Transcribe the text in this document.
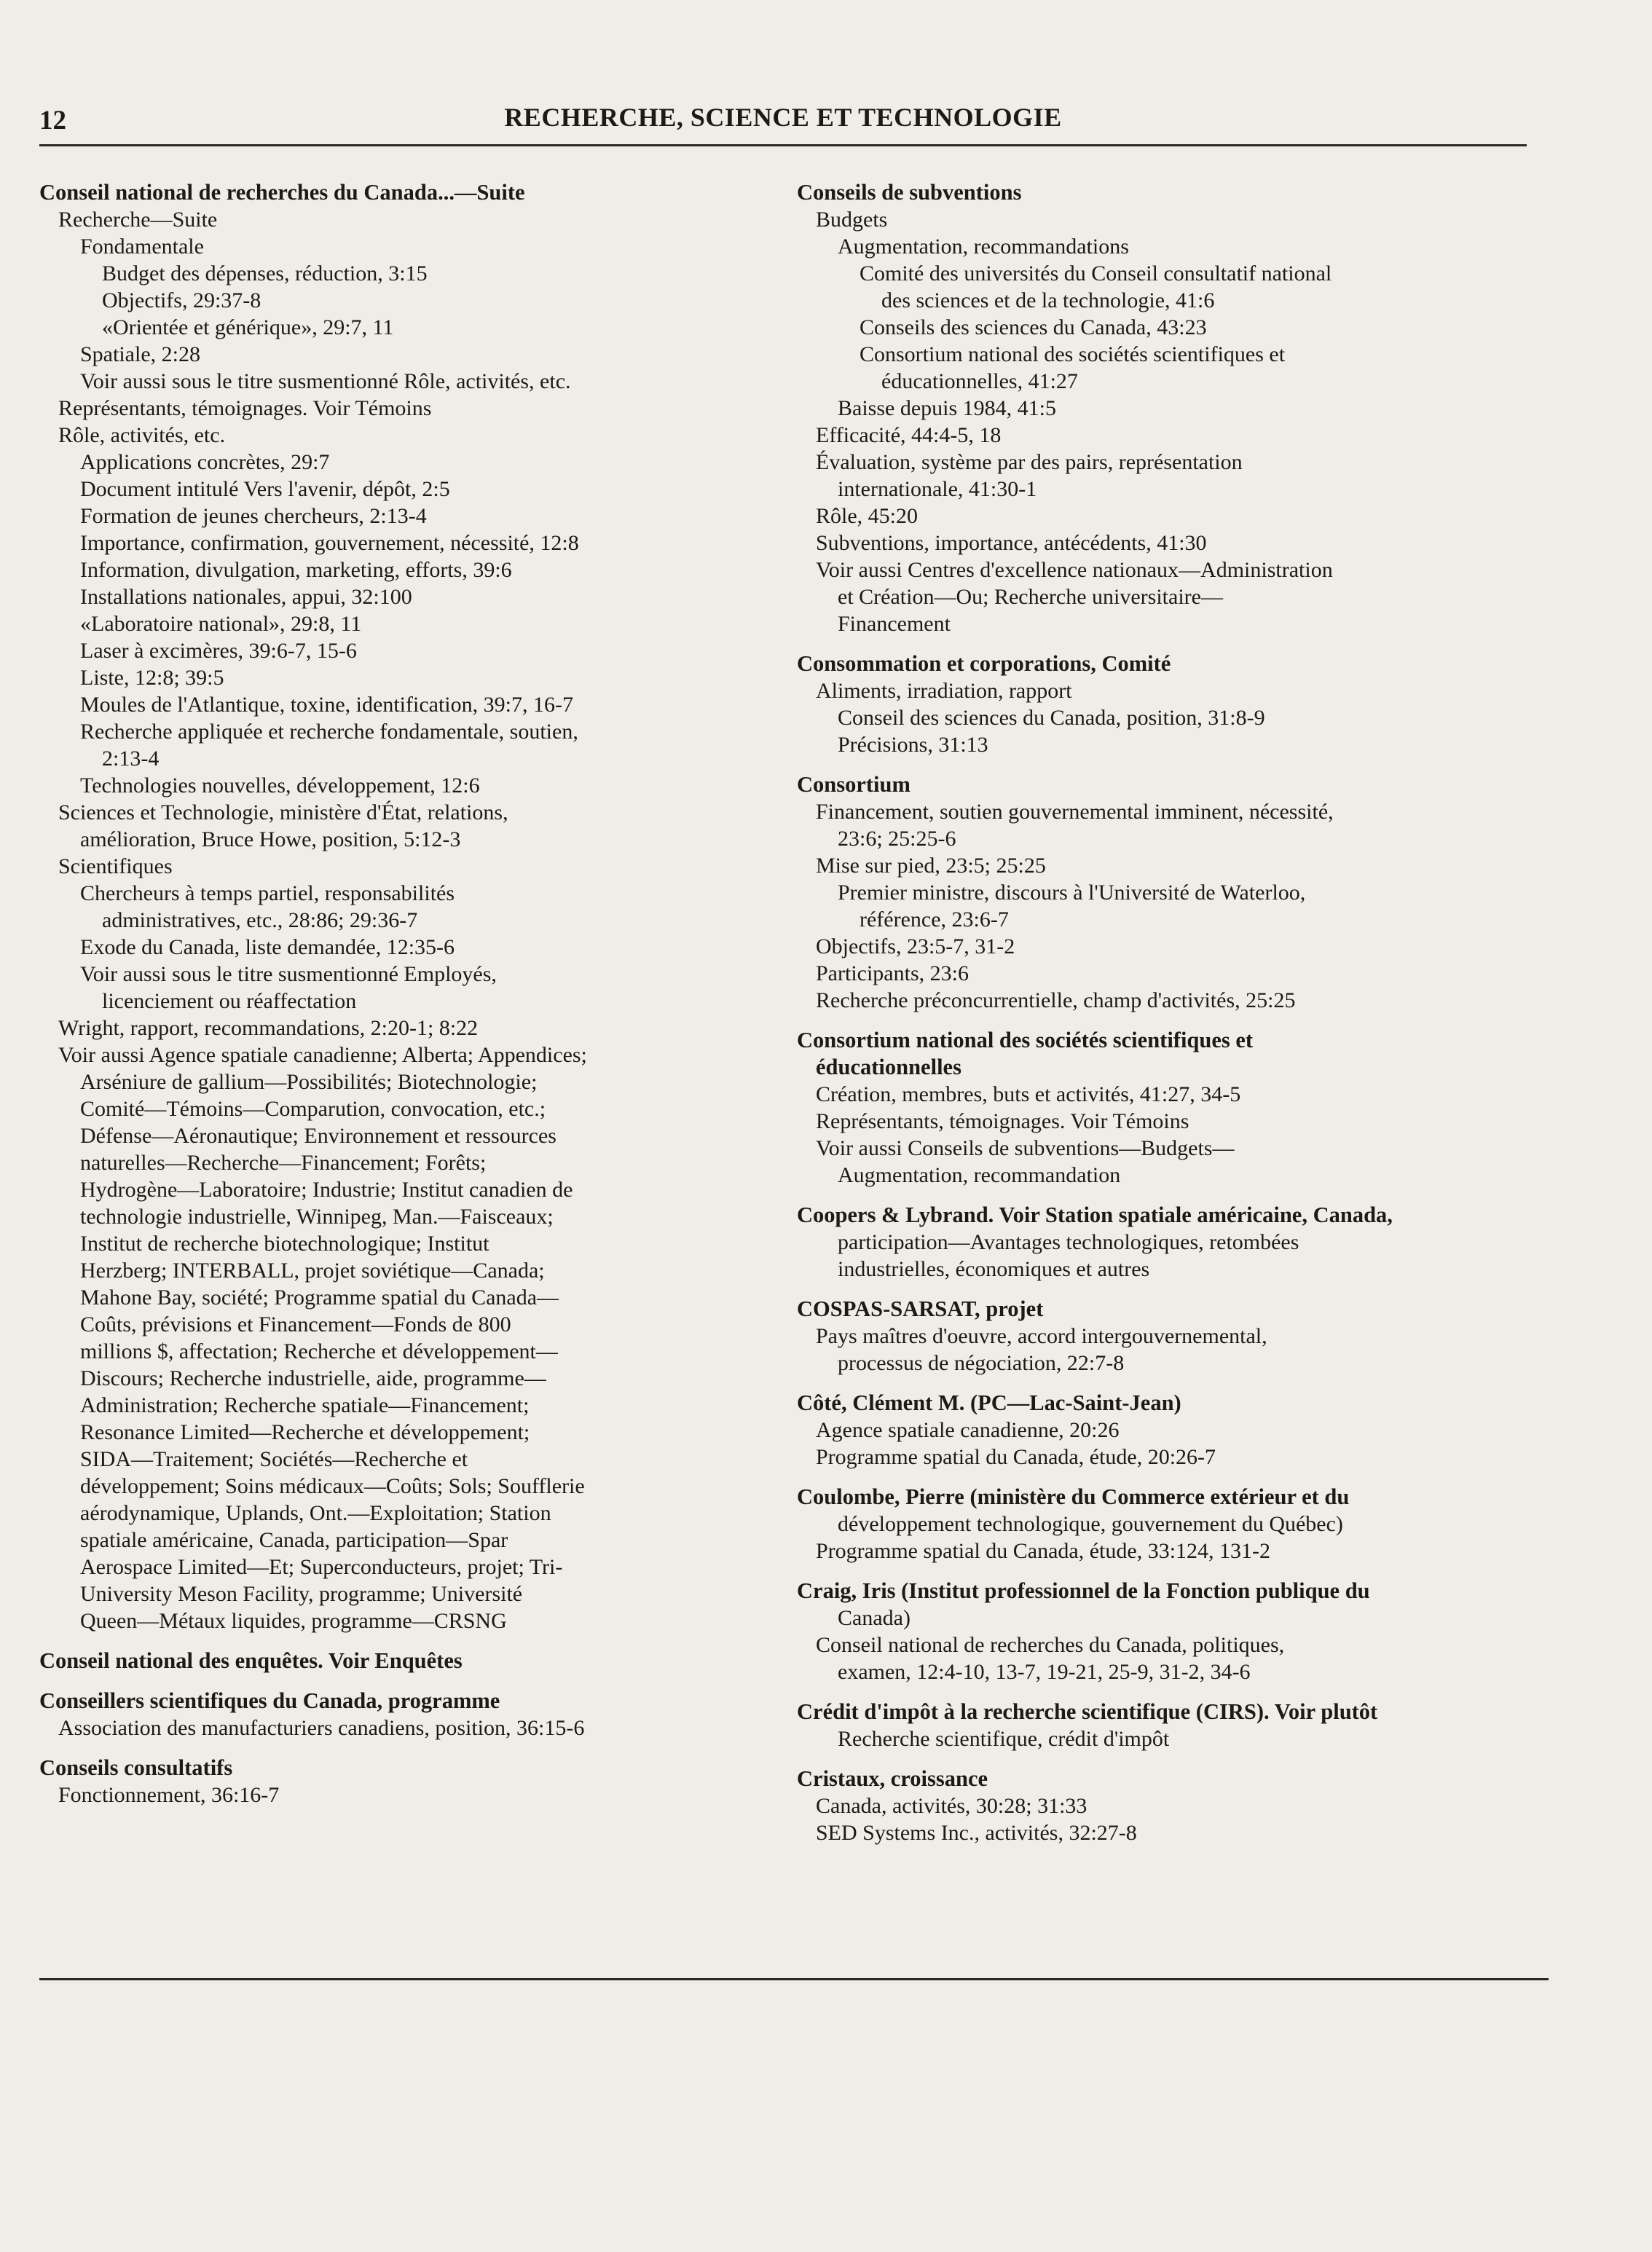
12	RECHERCHE, SCIENCE ET TECHNOLOGIE
Conseil national de recherches du Canada...—Suite
Recherche—Suite
Fondamentale
Budget des dépenses, réduction, 3:15
Objectifs, 29:37-8
«Orientée et générique», 29:7, 11
Spatiale, 2:28
Voir aussi sous le titre susmentionné Rôle, activités, etc.
Représentants, témoignages. Voir Témoins
Rôle, activités, etc.
Applications concrètes, 29:7
Document intitulé Vers l'avenir, dépôt, 2:5
Formation de jeunes chercheurs, 2:13-4
Importance, confirmation, gouvernement, nécessité, 12:8
Information, divulgation, marketing, efforts, 39:6
Installations nationales, appui, 32:100
«Laboratoire national», 29:8, 11
Laser à excimères, 39:6-7, 15-6
Liste, 12:8; 39:5
Moules de l'Atlantique, toxine, identification, 39:7, 16-7
Recherche appliquée et recherche fondamentale, soutien,
2:13-4
Technologies nouvelles, développement, 12:6
Sciences et Technologie, ministère d'État, relations,
amélioration, Bruce Howe, position, 5:12-3
Scientifiques
Chercheurs à temps partiel, responsabilités
administratives, etc., 28:86; 29:36-7
Exode du Canada, liste demandée, 12:35-6
Voir aussi sous le titre susmentionné Employés,
licenciement ou réaffectation
Wright, rapport, recommandations, 2:20-1; 8:22
Voir aussi Agence spatiale canadienne; Alberta; Appendices;
Arséniure de gallium—Possibilités; Biotechnologie;
Comité—Témoins—Comparution, convocation, etc.;
Défense—Aéronautique; Environnement et ressources
naturelles—Recherche—Financement; Forêts;
Hydrogène—Laboratoire; Industrie; Institut canadien de
technologie industrielle, Winnipeg, Man.—Faisceaux;
Institut de recherche biotechnologique; Institut
Herzberg; INTERBALL, projet soviétique—Canada;
Mahone Bay, société; Programme spatial du Canada—
Coûts, prévisions et Financement—Fonds de 800
millions $, affectation; Recherche et développement—
Discours; Recherche industrielle, aide, programme—
Administration; Recherche spatiale—Financement;
Resonance Limited—Recherche et développement;
SIDA—Traitement; Sociétés—Recherche et
développement; Soins médicaux—Coûts; Sols; Soufflerie
aérodynamique, Uplands, Ont.—Exploitation; Station
spatiale américaine, Canada, participation—Spar
Aerospace Limited—Et; Superconducteurs, projet; Tri-
University Meson Facility, programme; Université
Queen—Métaux liquides, programme—CRSNG
Conseil national des enquêtes. Voir Enquêtes
Conseillers scientifiques du Canada, programme
Association des manufacturiers canadiens, position, 36:15-6
Conseils consultatifs
Fonctionnement, 36:16-7
Conseils de subventions
Budgets
Augmentation, recommandations
Comité des universités du Conseil consultatif national
des sciences et de la technologie, 41:6
Conseils des sciences du Canada, 43:23
Consortium national des sociétés scientifiques et
éducationnelles, 41:27
Baisse depuis 1984, 41:5
Efficacité, 44:4-5, 18
Évaluation, système par des pairs, représentation
internationale, 41:30-1
Rôle, 45:20
Subventions, importance, antécédents, 41:30
Voir aussi Centres d'excellence nationaux—Administration
et Création—Ou; Recherche universitaire—
Financement
Consommation et corporations, Comité
Aliments, irradiation, rapport
Conseil des sciences du Canada, position, 31:8-9
Précisions, 31:13
Consortium
Financement, soutien gouvernemental imminent, nécessité,
23:6; 25:25-6
Mise sur pied, 23:5; 25:25
Premier ministre, discours à l'Université de Waterloo,
référence, 23:6-7
Objectifs, 23:5-7, 31-2
Participants, 23:6
Recherche préconcurrentielle, champ d'activités, 25:25
Consortium national des sociétés scientifiques et
éducationnelles
Création, membres, buts et activités, 41:27, 34-5
Représentants, témoignages. Voir Témoins
Voir aussi Conseils de subventions—Budgets—
Augmentation, recommandation
Coopers & Lybrand. Voir Station spatiale américaine, Canada,
participation—Avantages technologiques, retombées
industrielles, économiques et autres
COSPAS-SARSAT, projet
Pays maîtres d'oeuvre, accord intergouvernemental,
processus de négociation, 22:7-8
Côté, Clément M. (PC—Lac-Saint-Jean)
Agence spatiale canadienne, 20:26
Programme spatial du Canada, étude, 20:26-7
Coulombe, Pierre (ministère du Commerce extérieur et du
développement technologique, gouvernement du Québec)
Programme spatial du Canada, étude, 33:124, 131-2
Craig, Iris (Institut professionnel de la Fonction publique du
Canada)
Conseil national de recherches du Canada, politiques,
examen, 12:4-10, 13-7, 19-21, 25-9, 31-2, 34-6
Crédit d'impôt à la recherche scientifique (CIRS). Voir plutôt
Recherche scientifique, crédit d'impôt
Cristaux, croissance
Canada, activités, 30:28; 31:33
SED Systems Inc., activités, 32:27-8
